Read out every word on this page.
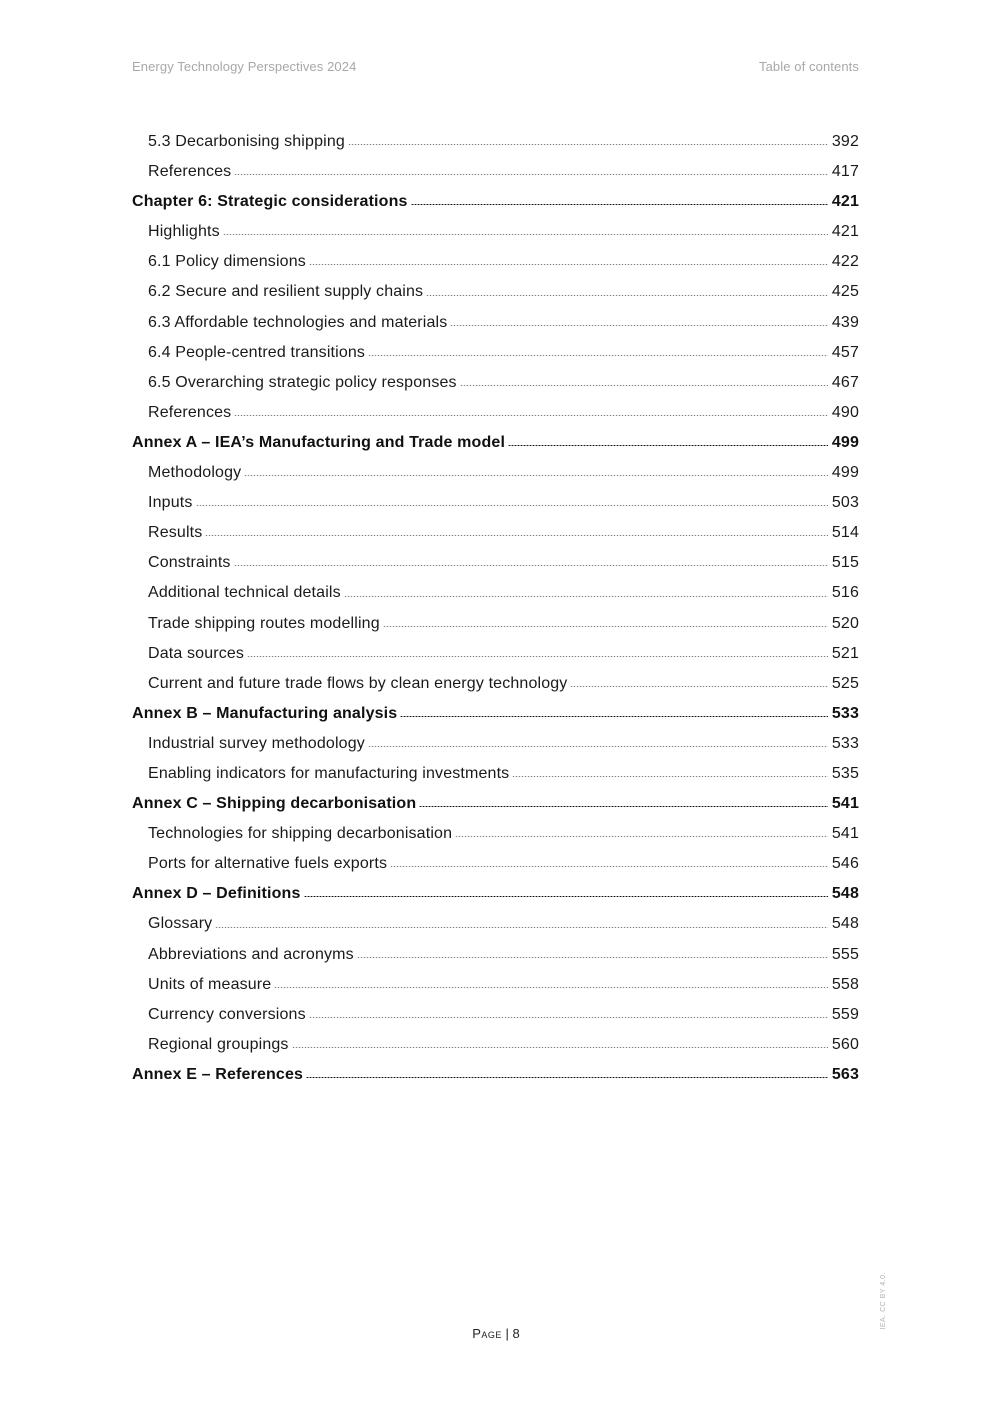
Energy Technology Perspectives 2024	Table of contents
5.3 Decarbonising shipping	392
References	417
Chapter 6: Strategic considerations	421
Highlights	421
6.1 Policy dimensions	422
6.2 Secure and resilient supply chains	425
6.3 Affordable technologies and materials	439
6.4 People-centred transitions	457
6.5 Overarching strategic policy responses	467
References	490
Annex A – IEA’s Manufacturing and Trade model	499
Methodology	499
Inputs	503
Results	514
Constraints	515
Additional technical details	516
Trade shipping routes modelling	520
Data sources	521
Current and future trade flows by clean energy technology	525
Annex B – Manufacturing analysis	533
Industrial survey methodology	533
Enabling indicators for manufacturing investments	535
Annex C – Shipping decarbonisation	541
Technologies for shipping decarbonisation	541
Ports for alternative fuels exports	546
Annex D – Definitions	548
Glossary	548
Abbreviations and acronyms	555
Units of measure	558
Currency conversions	559
Regional groupings	560
Annex E – References	563
Page | 8
IEA. CC BY 4.0.
